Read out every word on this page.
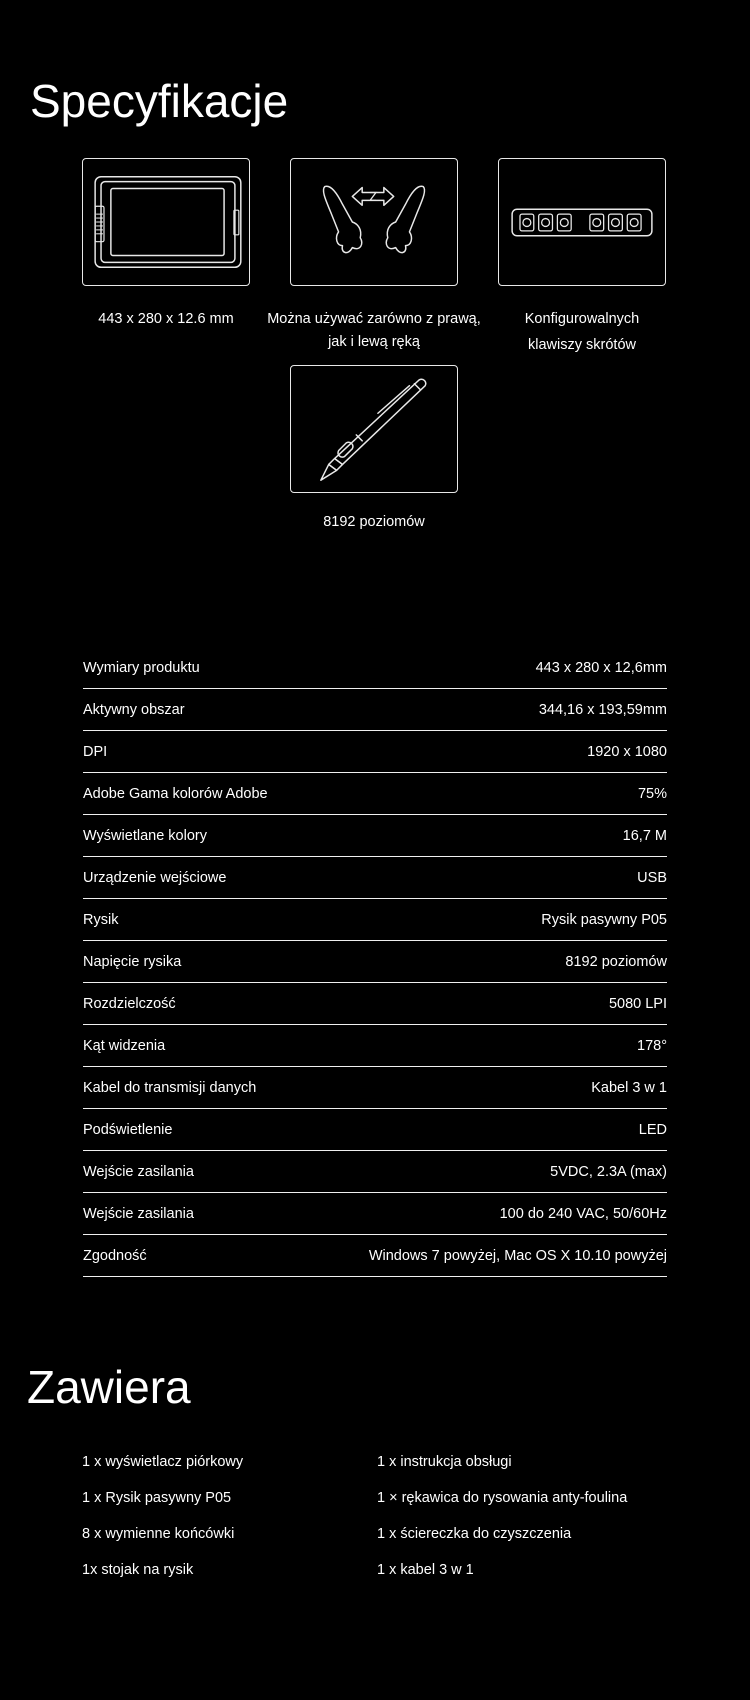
Specyfikacje
443 x 280 x 12.6 mm	Można używać zarówno z prawą,
jak i lewą ręką
Konfigurowalnych
klawiszy skrótów
8192 poziomów
Wymiary produktu	443 x 280 x 12,6mm
Aktywny obszar	344,16 x 193,59mm
DPI	1920 x 1080
Adobe Gama kolorów Adobe	75%
Wyświetlane kolory	16,7 M
Urządzenie wejściowe	USB
Rysik	Rysik pasywny P05
Napięcie rysika	8192 poziomów
Rozdzielczość	5080 LPI
Kąt widzenia	178°
Kabel do transmisji danych	Kabel 3 w 1
Podświetlenie	LED
Wejście zasilania	5VDC, 2.3A (max)
Wejście zasilania	100 do 240 VAC, 50/60Hz
Zgodność	Windows 7 powyżej, Mac OS X 10.10 powyżej
Zawiera
1 x wyświetlacz piórkowy	1 x instrukcja obsługi
1 x Rysik pasywny P05	1 × rękawica do rysowania anty-foulina
8 x wymienne końcówki	1 x ściereczka do czyszczenia
1x stojak na rysik	1 x kabel 3 w 1
